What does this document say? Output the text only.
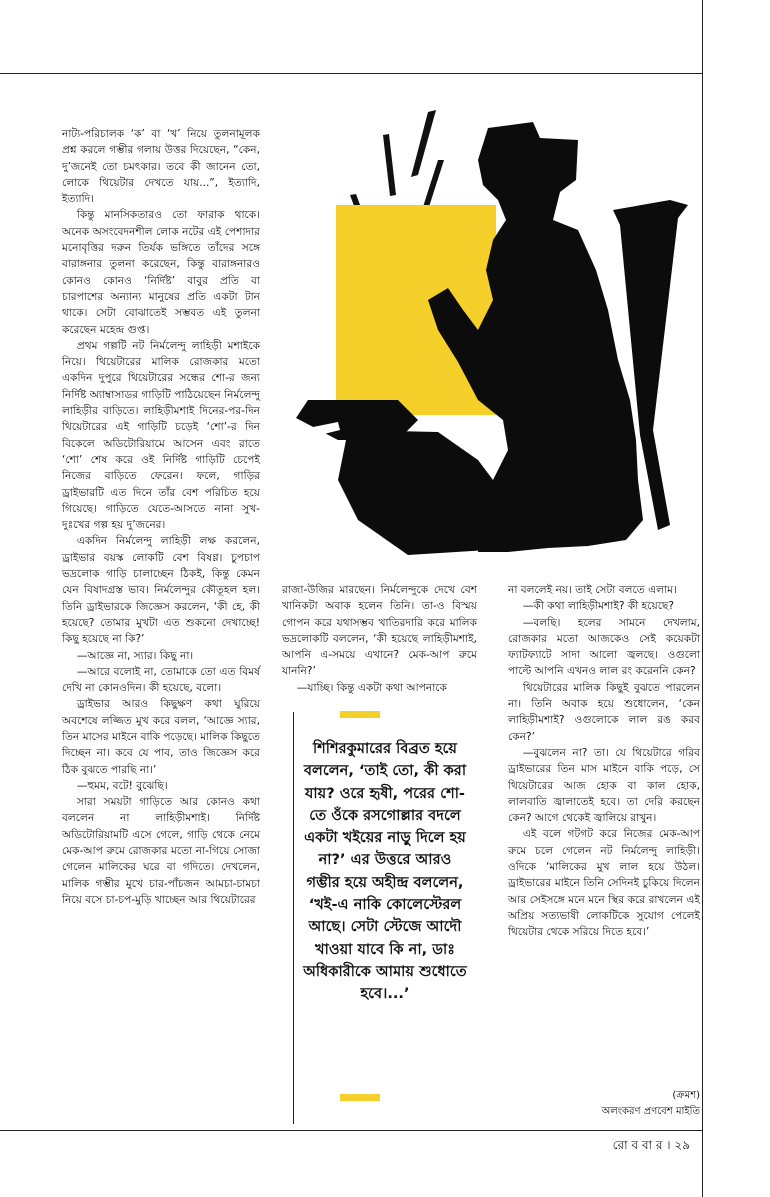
নাট্য-পরিচালক ‘ক’ বা ‘খ’ নিয়ে তুলনামূলক প্রশ্ন করলে গম্ভীর গলায় উত্তর দিয়েছেন, “কেন, দু’জনেই তো চমৎকার। তবে কী জানেন তো, লোকে থিয়েটার দেখতে যায়...”, ইত্যাদি, ইত্যাদি।

কিন্তু মানসিকতারও তো ফারাক থাকে। অনেক অসংবেদনশীল লোক নটের এই পেশাদার মনোবৃত্তির দরুন তির্যক ভঙ্গিতে তাঁদের সঙ্গে বারাঙ্গনার তুলনা করেছেন, কিন্তু বারাঙ্গনারও কোনও কোনও ‘নির্দিষ্ট’ বাবুর প্রতি বা চারপাশের অন্যান্য মানুষের প্রতি একটা টান থাকে। সেটা বোঝাতেই সম্ভবত এই তুলনা করেছেন মহেন্দ্র গুপ্ত।

প্রথম গল্পটি নট নির্মলেন্দু লাহিড়ী মশাইকে নিয়ে। থিয়েটারের মালিক রোজকার মতো একদিন দুপুরে থিয়েটারের সন্ধের শো-র জন্য নির্দিষ্ট অ্যাম্বাসাডর গাড়িটি পাঠিয়েছেন নির্মলেন্দু লাহিড়ীর বাড়িতে। লাহিড়ীমশাই দিনের-পর-দিন থিয়েটারের এই গাড়িটি চড়েই ‘শো’-র দিন বিকেলে অডিটোরিয়ামে আসেন এবং রাতে ‘শো’ শেষ করে ওই নির্দিষ্ট গাড়িটি চেপেই নিজের বাড়িতে ফেরেন। ফলে, গাড়ির ড্রাইভারটি এত দিনে তাঁর বেশ পরিচিত হয়ে গিয়েছে। গাড়িতে যেতে-আসতে নানা সুখ-দুঃখের গল্প হয় দু’জনের।

একদিন নির্মলেন্দু লাহিড়ী লক্ষ করলেন, ড্রাইভার বয়স্ক লোকটি বেশ বিষণ্ণ। চুপচাপ ভদ্রলোক গাড়ি চালাচ্ছেন ঠিকই, কিন্তু কেমন যেন বিষাদগ্রস্ত ভাব। নির্মলেন্দুর কৌতূহল হল। তিনি ড্রাইভারকে জিজ্ঞেস করলেন, ‘কী হে, কী হয়েছে? তোমার মুখটা এত শুকনো দেখাচ্ছে! কিছু হয়েছে না কি?’

—আজ্ঞে না, স্যার। কিছু না।

—আরে বলোই না, তোমাকে তো এত বিমর্ষ দেখি না কোনওদিন। কী হয়েছে, বলো।

ড্রাইভার আরও কিছুক্ষণ কথা ঘুরিয়ে অবশেষে লজ্জিত মুখ করে বলল, ‘আজ্ঞে স্যার, তিন মাসের মাইনে বাকি পড়েছে। মালিক কিছুতে দিচ্ছেন না। কবে যে পাব, তাও জিজ্ঞেস করে ঠিক বুঝতে পারছি না।’

—হুমম, বটে! বুঝেছি।

সারা সময়টা গাড়িতে আর কোনও কথা বললেন না লাহিড়ীমশাই। নির্দিষ্ট অডিটোরিয়ামটি এসে গেলে, গাড়ি থেকে নেমে মেক-আপ রুমে রোজকার মতো না-গিয়ে সোজা গেলেন মালিকের ঘরে বা গদিতে। দেখলেন, মালিক গম্ভীর মুখে চার-পাঁচজন আমচা-চামচা নিয়ে বসে চা-চপ-মুড়ি খাচ্ছেন আর থিয়েটারের

রাজা-উজির মারছেন। নির্মলেন্দুকে দেখে বেশ খানিকটা অবাক হলেন তিনি। তা-ও বিস্ময় গোপন করে যথাসম্ভব খাতিরদারি করে মালিক ভদ্রলোকটি বললেন, ‘কী হয়েছে লাহিড়ীমশাই, আপনি এ-সময়ে এখানে? মেক-আপ রুমে যাননি?’

—যাচ্ছি। কিন্তু একটা কথা আপনাকে

শিশিরকুমারের বিব্রত হয়ে বললেন, ‘তাই তো, কী করা যায়? ওরে হৃষী, পরের শো-তে ওঁকে রসগোল্লার বদলে একটা খইয়ের নাড়ু দিলে হয় না?’ এর উত্তরে আরও গম্ভীর হয়ে অহীন্দ্র বললেন, ‘খই-এ নাকি কোলেস্টেরল আছে। সেটা স্টেজে আদৌ খাওয়া যাবে কি না, ডাঃ অধিকারীকে আমায় শুধোতে হবে।...’

না বললেই নয়। তাই সেটা বলতে এলাম।

—কী কথা লাহিড়ীমশাই? কী হয়েছে?

—বলছি। হলের সামনে দেখলাম, রোজকার মতো আজকেও সেই কয়েকটা ফ্যাটফ্যাটে সাদা আলো জ্বলছে। ওগুলো পাল্টে আপনি এখনও লাল রং করেননি কেন?

থিয়েটারের মালিক কিছুই বুঝতে পারলেন না। তিনি অবাক হয়ে শুধোলেন, ‘কেন লাহিড়ীমশাই? ওগুলোকে লাল রঙ করব কেন?’

—বুঝলেন না? তা। যে থিয়েটারে গরিব ড্রাইভারের তিন মাস মাইনে বাকি পড়ে, সে থিয়েটারের আজ হোক বা কাল হোক, লালবাতি জ্বালাতেই হবে। তা দেরি করছেন কেন? আগে থেকেই জ্বালিয়ে রাখুন।

এই বলে গটগট করে নিজের মেক-আপ রুমে চলে গেলেন নট নির্মলেন্দু লাহিড়ী। ওদিকে ‘মালিকের মুখ লাল হয়ে উঠল। ড্রাইভারের মাইনে তিনি সেদিনই চুকিয়ে দিলেন আর সেইসঙ্গে মনে মনে স্থির করে রাখলেন এই অপ্রিয় সত্যভাষী লোকটিকে সুযোগ পেলেই থিয়েটার থেকে সরিয়ে দিতে হবে।’

(ক্রমশ)
অলংকরণ প্রণবেশ মাইতি
রো ব বা র । ২৯
